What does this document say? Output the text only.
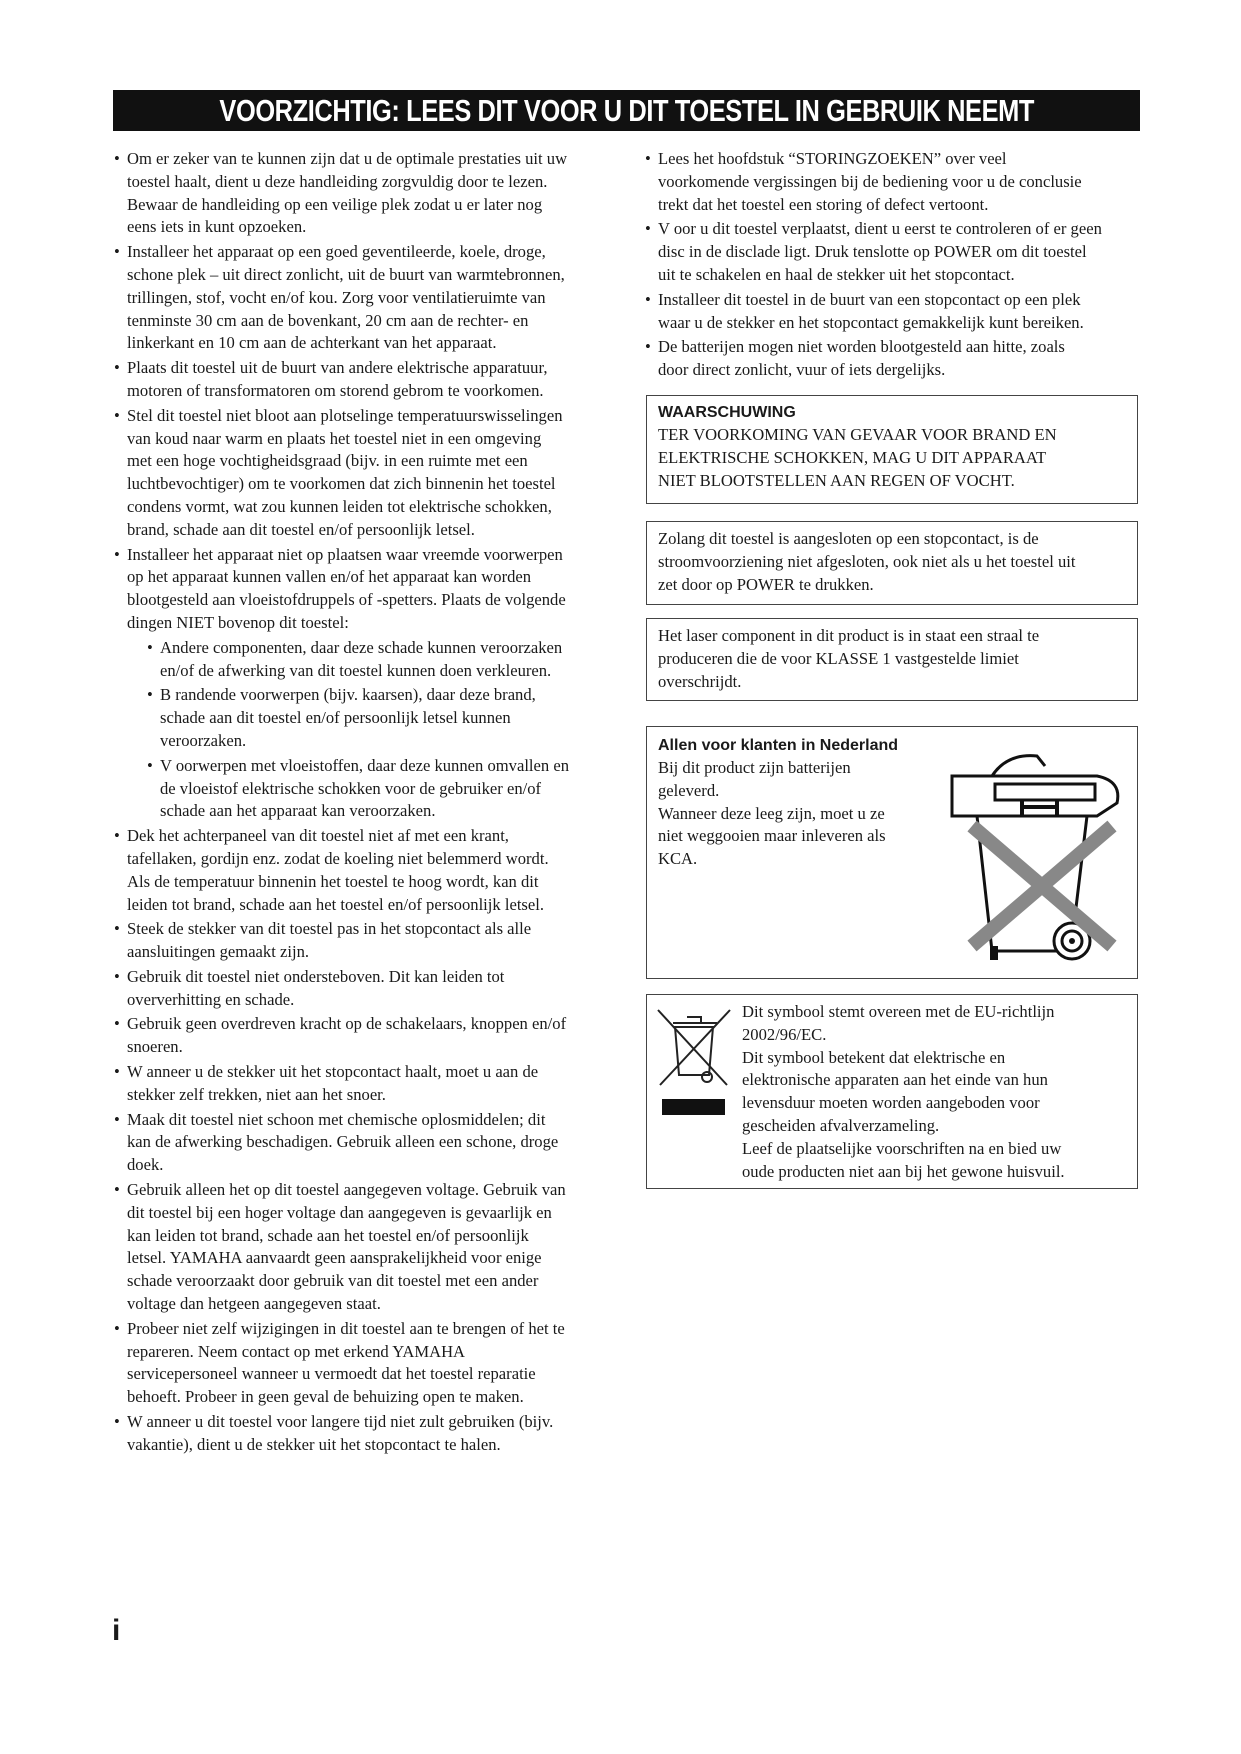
VOORZICHTIG: LEES DIT VOOR U DIT TOESTEL IN GEBRUIK NEEMT
• Om er zeker van te kunnen zijn dat u de optimale prestaties uit uw
toestel haalt, dient u deze handleiding zorgvuldig door te lezen.
Bewaar de handleiding op een veilige plek zodat u er later nog
eens iets in kunt opzoeken.
• Installeer het apparaat op een goed geventileerde, koele, droge,
schone plek – uit direct zonlicht, uit de buurt van warmtebronnen,
trillingen, stof, vocht en/of kou. Zorg voor ventilatieruimte van
tenminste 30 cm aan de bovenkant, 20 cm aan de rechter- en
linkerkant en 10 cm aan de achterkant van het apparaat.
• Plaats dit toestel uit de buurt van andere elektrische apparatuur,
motoren of transformatoren om storend gebrom te voorkomen.
• Stel dit toestel niet bloot aan plotselinge temperatuurswisselingen
van koud naar warm en plaats het toestel niet in een omgeving
met een hoge vochtigheidsgraad (bijv. in een ruimte met een
luchtbevochtiger) om te voorkomen dat zich binnenin het toestel
condens vormt, wat zou kunnen leiden tot elektrische schokken,
brand, schade aan dit toestel en/of persoonlijk letsel.
• Installeer het apparaat niet op plaatsen waar vreemde voorwerpen
op het apparaat kunnen vallen en/of het apparaat kan worden
blootgesteld aan vloeistofdruppels of -spetters. Plaats de volgende
dingen NIET bovenop dit toestel:
• Andere componenten, daar deze schade kunnen veroorzaken
en/of de afwerking van dit toestel kunnen doen verkleuren.
• B randende voorwerpen (bijv. kaarsen), daar deze brand,
schade aan dit toestel en/of persoonlijk letsel kunnen
veroorzaken.
• V oorwerpen met vloeistoffen, daar deze kunnen omvallen en
de vloeistof elektrische schokken voor de gebruiker en/of
schade aan het apparaat kan veroorzaken.
• Dek het achterpaneel van dit toestel niet af met een krant,
tafellaken, gordijn enz. zodat de koeling niet belemmerd wordt.
Als de temperatuur binnenin het toestel te hoog wordt, kan dit
leiden tot brand, schade aan het toestel en/of persoonlijk letsel.
• Steek de stekker van dit toestel pas in het stopcontact als alle
aansluitingen gemaakt zijn.
• Gebruik dit toestel niet ondersteboven. Dit kan leiden tot
oververhitting en schade.
• Gebruik geen overdreven kracht op de schakelaars, knoppen en/of
snoeren.
• W anneer u de stekker uit het stopcontact haalt, moet u aan de
stekker zelf trekken, niet aan het snoer.
• Maak dit toestel niet schoon met chemische oplosmiddelen; dit
kan de afwerking beschadigen. Gebruik alleen een schone, droge
doek.
• Gebruik alleen het op dit toestel aangegeven voltage. Gebruik van
dit toestel bij een hoger voltage dan aangegeven is gevaarlijk en
kan leiden tot brand, schade aan het toestel en/of persoonlijk
letsel. YAMAHA aanvaardt geen aansprakelijkheid voor enige
schade veroorzaakt door gebruik van dit toestel met een ander
voltage dan hetgeen aangegeven staat.
• Probeer niet zelf wijzigingen in dit toestel aan te brengen of het te
repareren. Neem contact op met erkend YAMAHA
servicepersoneel wanneer u vermoedt dat het toestel reparatie
behoeft. Probeer in geen geval de behuizing open te maken.
• W anneer u dit toestel voor langere tijd niet zult gebruiken (bijv.
vakantie), dient u de stekker uit het stopcontact te halen.
• Lees het hoofdstuk “STORINGZOEKEN” over veel
voorkomende vergissingen bij de bediening voor u de conclusie
trekt dat het toestel een storing of defect vertoont.
• V oor u dit toestel verplaatst, dient u eerst te controleren of er geen
disc in de disclade ligt. Druk tenslotte op POWER om dit toestel
uit te schakelen en haal de stekker uit het stopcontact.
• Installeer dit toestel in de buurt van een stopcontact op een plek
waar u de stekker en het stopcontact gemakkelijk kunt bereiken.
• De batterijen mogen niet worden blootgesteld aan hitte, zoals
door direct zonlicht, vuur of iets dergelijks.
WAARSCHUWING
TER VOORKOMING VAN GEVAAR VOOR BRAND EN
ELEKTRISCHE SCHOKKEN, MAG U DIT APPARAAT
NIET BLOOTSTELLEN AAN REGEN OF VOCHT.
Zolang dit toestel is aangesloten op een stopcontact, is de
stroomvoorziening niet afgesloten, ook niet als u het toestel uit
zet door op POWER te drukken.
Het laser component in dit product is in staat een straal te
produceren die de voor KLASSE 1 vastgestelde limiet
overschrijdt.
Allen voor klanten in Nederland
Bij dit product zijn batterijen
geleverd.
Wanneer deze leeg zijn, moet u ze
niet weggooien maar inleveren als
KCA.
Dit symbool stemt overeen met de EU-richtlijn
2002/96/EC.
Dit symbool betekent dat elektrische en
elektronische apparaten aan het einde van hun
levensduur moeten worden aangeboden voor
gescheiden afvalverzameling.
Leef de plaatselijke voorschriften na en bied uw
oude producten niet aan bij het gewone huisvuil.
i
